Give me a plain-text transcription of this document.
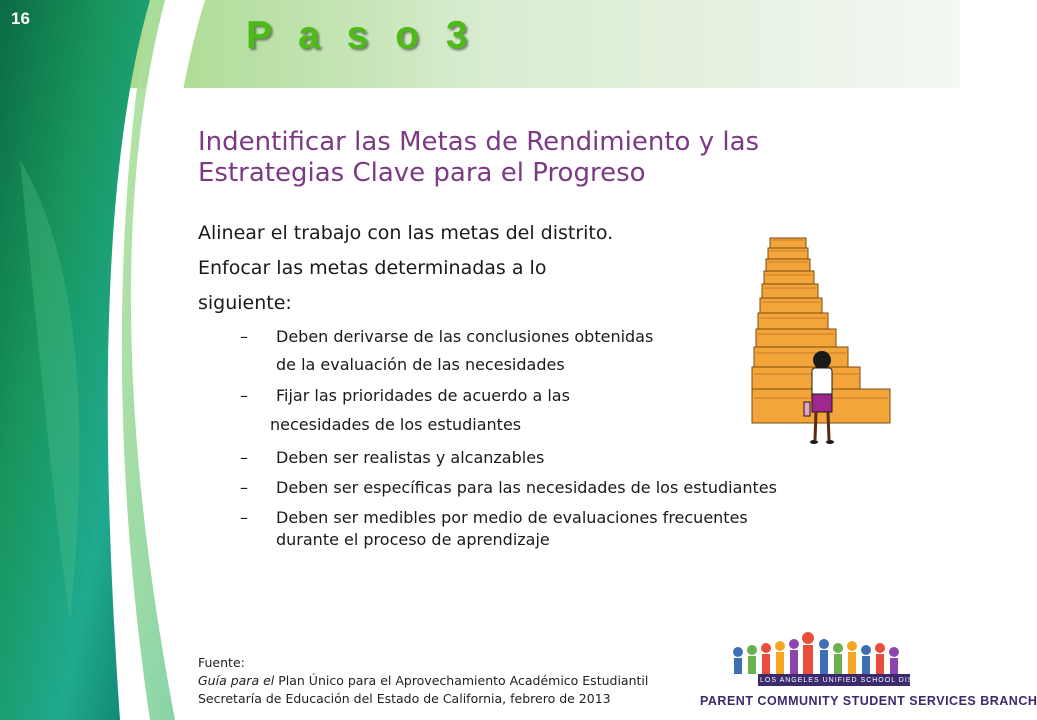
16	P a s o 3
Indentificar las Metas de Rendimiento y las Estrategias Clave para el Progreso

Alinear el trabajo con las metas del distrito.

Enfocar las metas determinadas a lo

siguiente:

– Deben derivarse de las conclusiones obtenidas

de la evaluación de las necesidades

– Fijar las prioridades de acuerdo a las

necesidades de los estudiantes

– Deben ser realistas y alcanzables

– Deben ser específicas para las necesidades de los estudiantes

– Deben ser medibles por medio de evaluaciones frecuentes

durante el proceso de aprendizaje

Fuente:
Guía para el Plan Único para el Aprovechamiento Académico Estudiantil
Secretaría de Educación del Estado de California, febrero de 2013
LOS ANGELES UNIFIED SCHOOL DISTRICT
PARENT COMMUNITY STUDENT SERVICES BRANCH
